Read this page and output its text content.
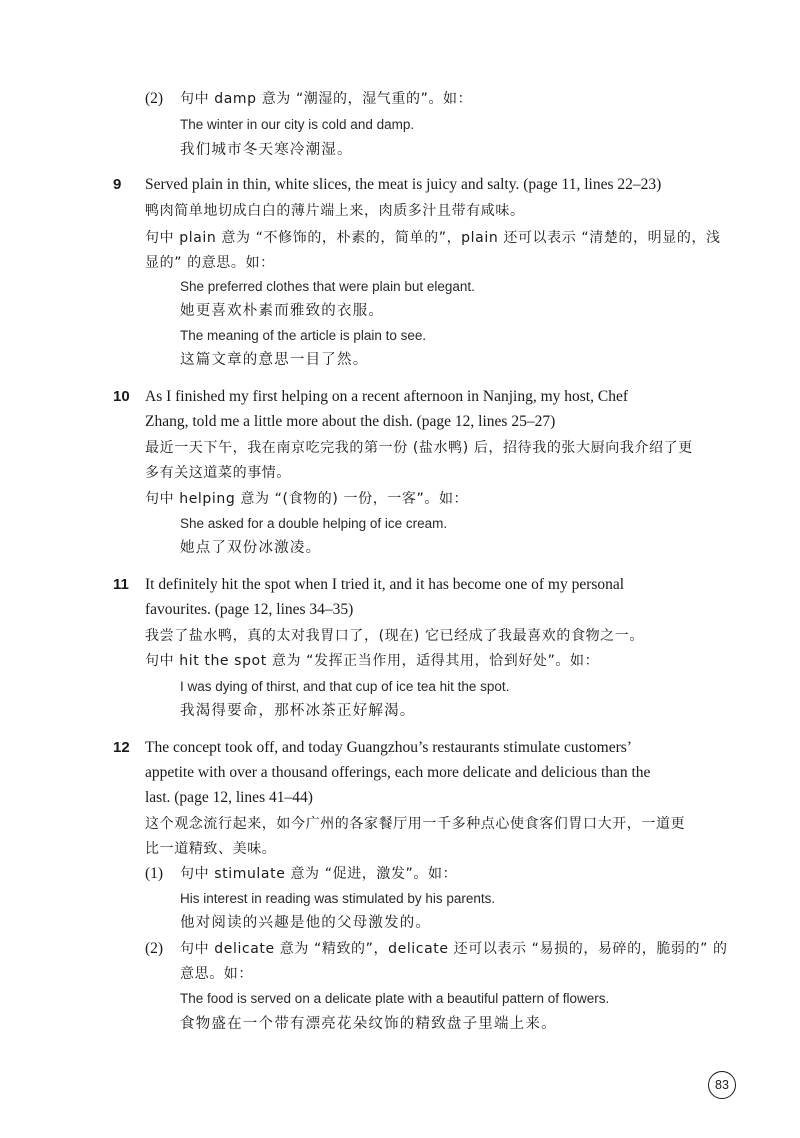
(2) 句中 damp 意为 “潮湿的，湿气重的”。如：
The winter in our city is cold and damp.
我们城市冬天寒冷潮湿。
9 Served plain in thin, white slices, the meat is juicy and salty. (page 11, lines 22–23)
鸭肉简单地切成白白的薄片端上来，肉质多汁且带有咸味。
句中 plain 意为 “不修饰的，朴素的，简单的”，plain 还可以表示 “清楚的，明显的，浅
显的” 的意思。如：
She preferred clothes that were plain but elegant.
她更喜欢朴素而雅致的衣服。
The meaning of the article is plain to see.
这篇文章的意思一目了然。
10 As I finished my first helping on a recent afternoon in Nanjing, my host, Chef
Zhang, told me a little more about the dish. (page 12, lines 25–27)
最近一天下午，我在南京吃完我的第一份 (盐水鸭) 后，招待我的张大厨向我介绍了更
多有关这道菜的事情。
句中 helping 意为 “(食物的) 一份，一客”。如：
She asked for a double helping of ice cream.
她点了双份冰激凌。
11 It definitely hit the spot when I tried it, and it has become one of my personal
favourites. (page 12, lines 34–35)
我尝了盐水鸭，真的太对我胃口了，(现在) 它已经成了我最喜欢的食物之一。
句中 hit the spot 意为 “发挥正当作用，适得其用，恰到好处”。如：
I was dying of thirst, and that cup of ice tea hit the spot.
我渴得要命，那杯冰茶正好解渴。
12 The concept took off, and today Guangzhou’s restaurants stimulate customers’
appetite with over a thousand offerings, each more delicate and delicious than the
last. (page 12, lines 41–44)
这个观念流行起来，如今广州的各家餐厅用一千多种点心使食客们胃口大开，一道更
比一道精致、美味。
(1) 句中 stimulate 意为 “促进，激发”。如：
His interest in reading was stimulated by his parents.
他对阅读的兴趣是他的父母激发的。
(2) 句中 delicate 意为 “精致的”，delicate 还可以表示 “易损的，易碎的，脆弱的” 的
意思。如：
The food is served on a delicate plate with a beautiful pattern of flowers.
食物盛在一个带有漂亮花朵纹饰的精致盘子里端上来。
83
